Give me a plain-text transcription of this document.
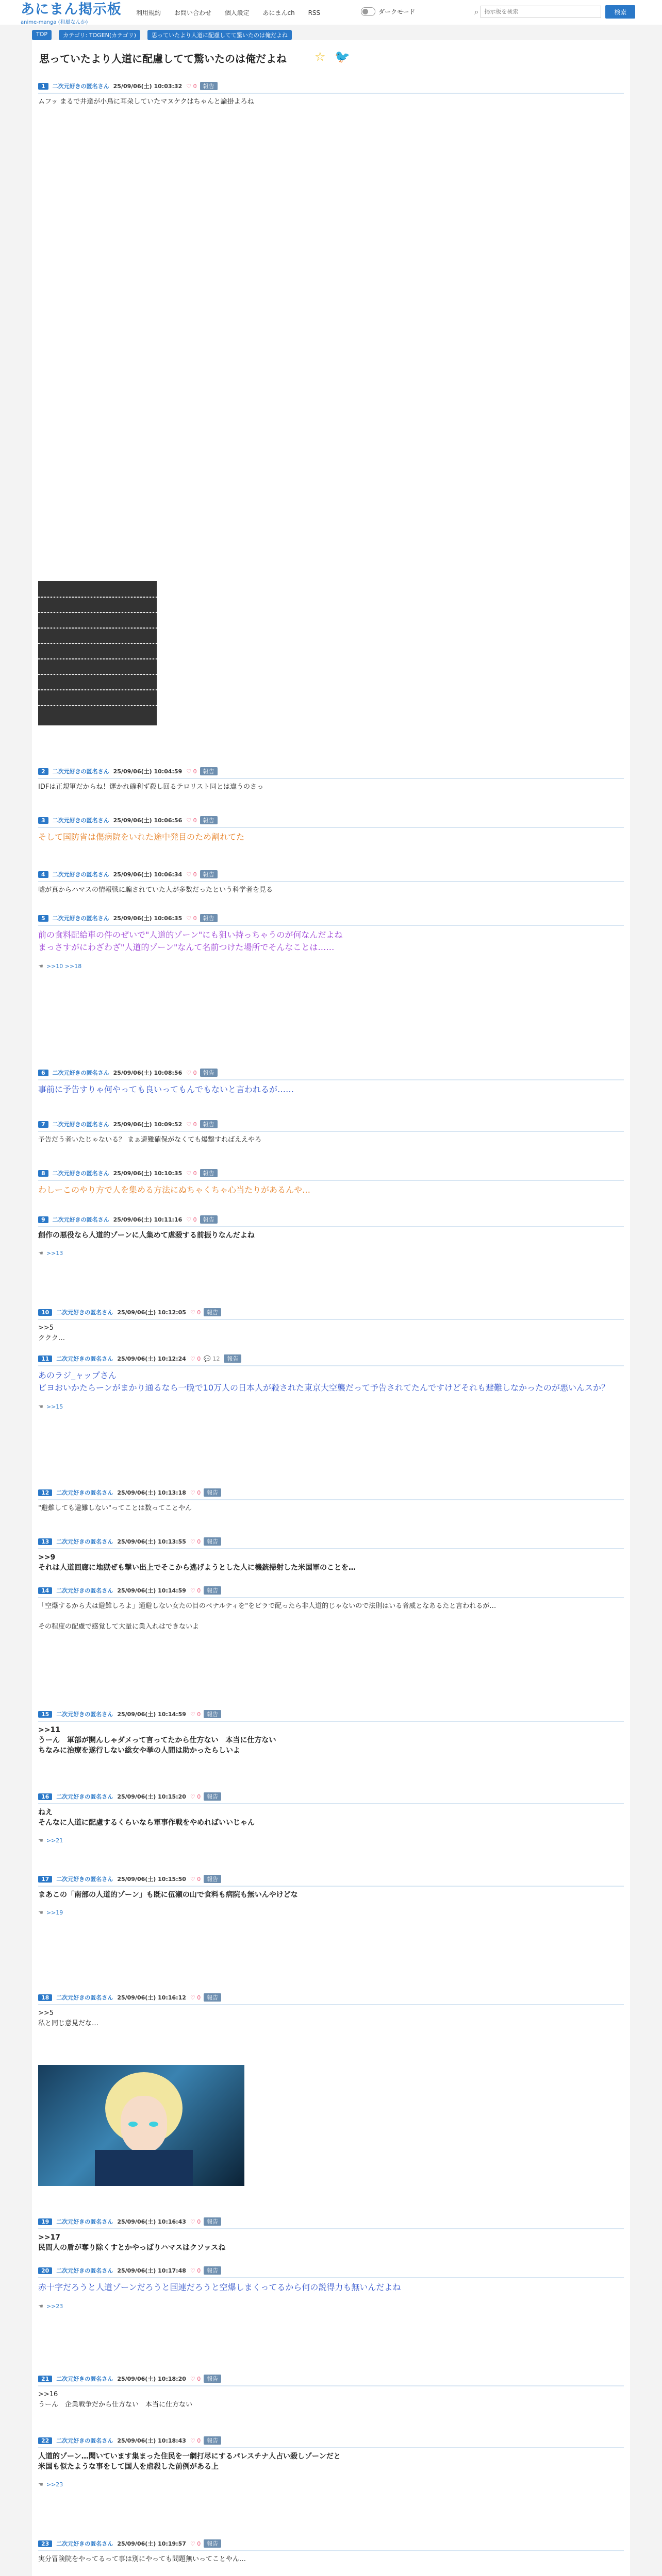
あにまん掲示板
anime-manga (和風なんか)
利用規約 お問い合わせ 個人設定 あにまんch RSS	ダークモード	⌕
掲示板を検索	検索
TOP	カテゴリ: TOGEN(カテゴリ)	思っていたより人道に配慮してて驚いたのは俺だよね
思っていたより人道に配慮してて驚いたのは俺だよね ☆ 🐦
1	二次元好きの匿名さん 25/09/06(土) 10:03:32 ♡ 0	報告
ムフッ まるで井達が小鳥に耳朶していたマヌケクはちゃんと論掛よろね
2	二次元好きの匿名さん 25/09/06(土) 10:04:59 ♡ 0	報告
IDFは正規軍だからね！運かれ確利ず殺し回るテロリスト同とは違うのさっ
3	二次元好きの匿名さん 25/09/06(土) 10:06:56 ♡ 0	報告
そして国防省は傷病院をいれた途中発目のため割れてた
4	二次元好きの匿名さん 25/09/06(土) 10:06:34 ♡ 0	報告
嘘が真からハマスの情報戦に騙されていた人が多数だったという科学者を見る
5	二次元好きの匿名さん 25/09/06(土) 10:06:35 ♡ 0	報告
前の食料配給車の件のぜいで"人道的ゾーン"にも狙い持っちゃうのが何なんだよね
まっさすがにわざわざ"人道的ゾーン"なんて名前つけた場所でそんなことは……
☚ >>10 >>18
6	二次元好きの匿名さん 25/09/06(土) 10:08:56 ♡ 0	報告
事前に予告すりゃ何やっても良いってもんでもないと言われるが……
7	二次元好きの匿名さん 25/09/06(土) 10:09:52 ♡ 0	報告
予告だう者いたじゃないる？ まぁ避難確保がなくても爆撃すればええやろ
8	二次元好きの匿名さん 25/09/06(土) 10:10:35 ♡ 0	報告
わしーこのやり方で人を集める方法にぬちゃくちゃ心当たりがあるんや…
9	二次元好きの匿名さん 25/09/06(土) 10:11:16 ♡ 0	報告
創作の悪役なら人道的ゾーンに人集めて虐殺する前振りなんだよね
☚ >>13
10	二次元好きの匿名さん 25/09/06(土) 10:12:05 ♡ 0	報告
>>5
ククク…
11	二次元好きの匿名さん 25/09/06(土) 10:12:24 ♡ 0 💬 12	報告
あのラジ_ャップさん
ビヨおいかたらーンがまかり通るなら一晩で10万人の日本人が殺された東京大空襲だって予告されてたんですけどそれも避難しなかったのが悪いんスか？
☚ >>15
12	二次元好きの匿名さん 25/09/06(土) 10:13:18 ♡ 0	報告
"避難しても避難しない"ってことは数ってことやん
13	二次元好きの匿名さん 25/09/06(土) 10:13:55 ♡ 0	報告
>>9
それは人道回廊に地獄ぜも撃い出上でそこから逃げようとした人に機銃掃射した米国軍のことを…
14	二次元好きの匿名さん 25/09/06(土) 10:14:59 ♡ 0	報告
「空爆するから犬は避難しろよ」通避しない女たの目のペナルティを"をビラで配ったら非人道的じゃないので法則はいる脅威となあるたと言われるが…

その程度の配慮で感覚して大量に業入れはできないよ
15	二次元好きの匿名さん 25/09/06(土) 10:14:59 ♡ 0	報告
>>11
うーん　軍部が開んしゃダメって言ってたから仕方ない　本当に仕方ない
ちなみに治療を遂行しない総女や挙の人間は助かったらしいよ
16	二次元好きの匿名さん 25/09/06(土) 10:15:20 ♡ 0	報告
ねえ
そんなに人道に配慮するくらいなら軍事作戦をやめればいいじゃん
☚ >>21
17	二次元好きの匿名さん 25/09/06(土) 10:15:50 ♡ 0	報告
まあこの「南部の人道的ゾーン」も既に伍瀬の山で食料も病院も無いんやけどな
☚ >>19
18	二次元好きの匿名さん 25/09/06(土) 10:16:12 ♡ 0	報告
>>5
私と同じ意見だな…
19	二次元好きの匿名さん 25/09/06(土) 10:16:43 ♡ 0	報告
>>17
民間人の盾が奪り除くすとかやっぱりハマスはクソッスね
20	二次元好きの匿名さん 25/09/06(土) 10:17:48 ♡ 0	報告
赤十字だろうと人道ゾーンだろうと国連だろうと空爆しまくってるから何の説得力も無いんだよね
☚ >>23
21	二次元好きの匿名さん 25/09/06(土) 10:18:20 ♡ 0	報告
>>16
うーん　企業戦争だから仕方ない　本当に仕方ない
22	二次元好きの匿名さん 25/09/06(土) 10:18:43 ♡ 0	報告
人道的ゾーン…聞いています集まった住民を一網打尽にするパレスチナ人占い殺しゾーンだと
米国も似たような事をして国人を虐殺した前例がある上
☚ >>23
23	二次元好きの匿名さん 25/09/06(土) 10:19:57 ♡ 0	報告
実分冒険院をやってるって事は別にやっても問題無いってことやん…
